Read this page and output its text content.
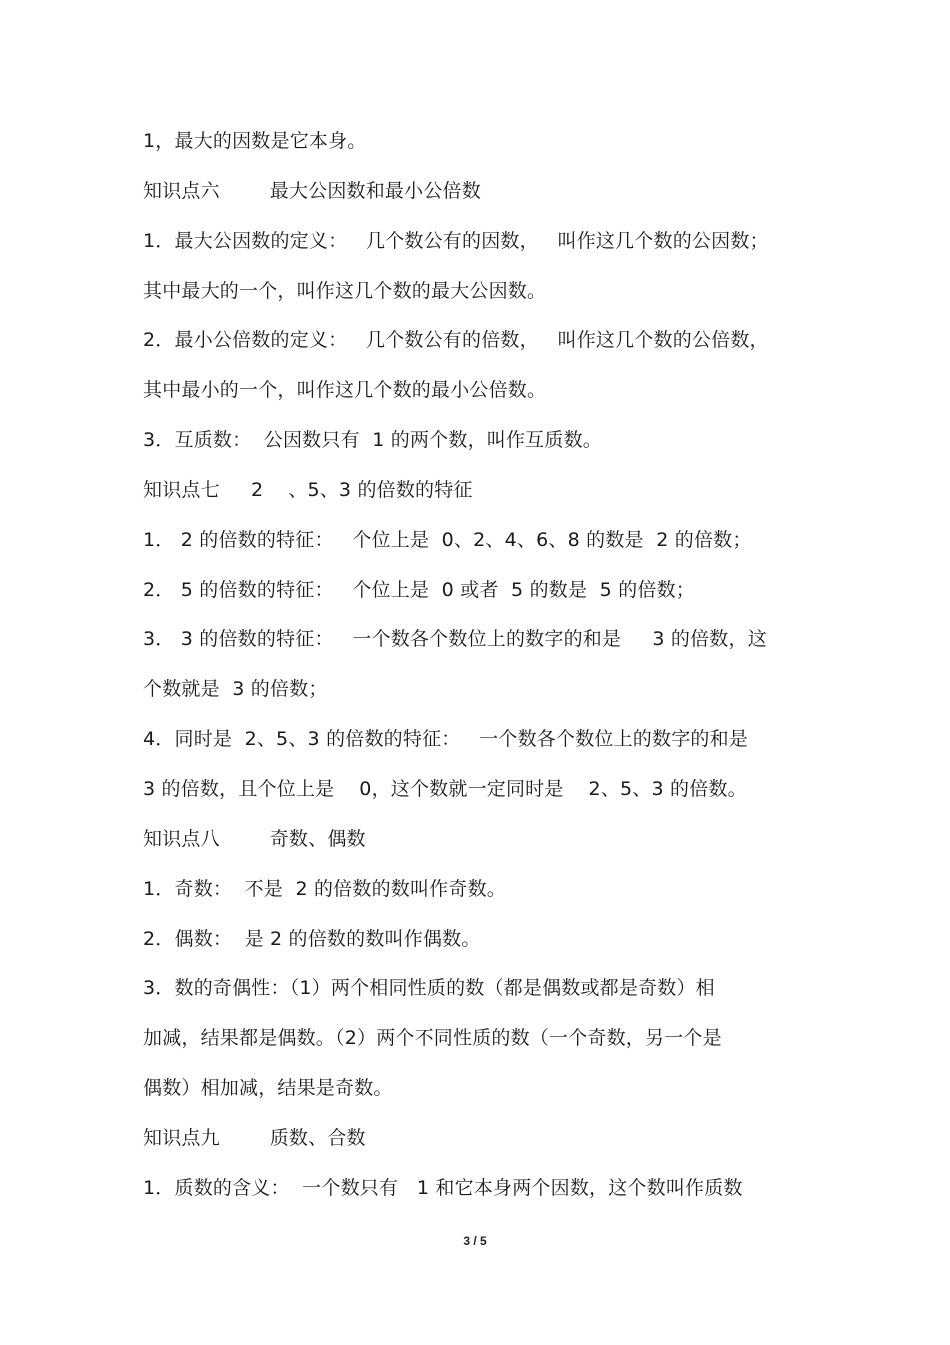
1，最大的因数是它本身。
知识点六        最大公因数和最小公倍数
1．最大公因数的定义：   几个数公有的因数，   叫作这几个数的公因数；
其中最大的一个，叫作这几个数的最大公因数。
2．最小公倍数的定义：   几个数公有的倍数，   叫作这几个数的公倍数，
其中最小的一个，叫作这几个数的最小公倍数。
3．互质数：  公因数只有  1 的两个数，叫作互质数。
知识点七     2    、5、3 的倍数的特征
1． 2 的倍数的特征：   个位上是  0、2、4、6、8 的数是  2 的倍数；
2． 5 的倍数的特征：   个位上是  0 或者  5 的数是  5 的倍数；
3． 3 的倍数的特征：   一个数各个数位上的数字的和是     3 的倍数，这
个数就是  3 的倍数；
4．同时是  2、5、3 的倍数的特征：   一个数各个数位上的数字的和是
3 的倍数，且个位上是    0，这个数就一定同时是    2、5、3 的倍数。
知识点八        奇数、偶数
1．奇数：  不是  2 的倍数的数叫作奇数。
2．偶数：  是 2 的倍数的数叫作偶数。
3．数的奇偶性：（1）两个相同性质的数（都是偶数或都是奇数）相
加减，结果都是偶数。（2）两个不同性质的数（一个奇数，另一个是
偶数）相加减，结果是奇数。
知识点九        质数、合数
1．质数的含义：  一个数只有   1 和它本身两个因数，这个数叫作质数
3 / 5
